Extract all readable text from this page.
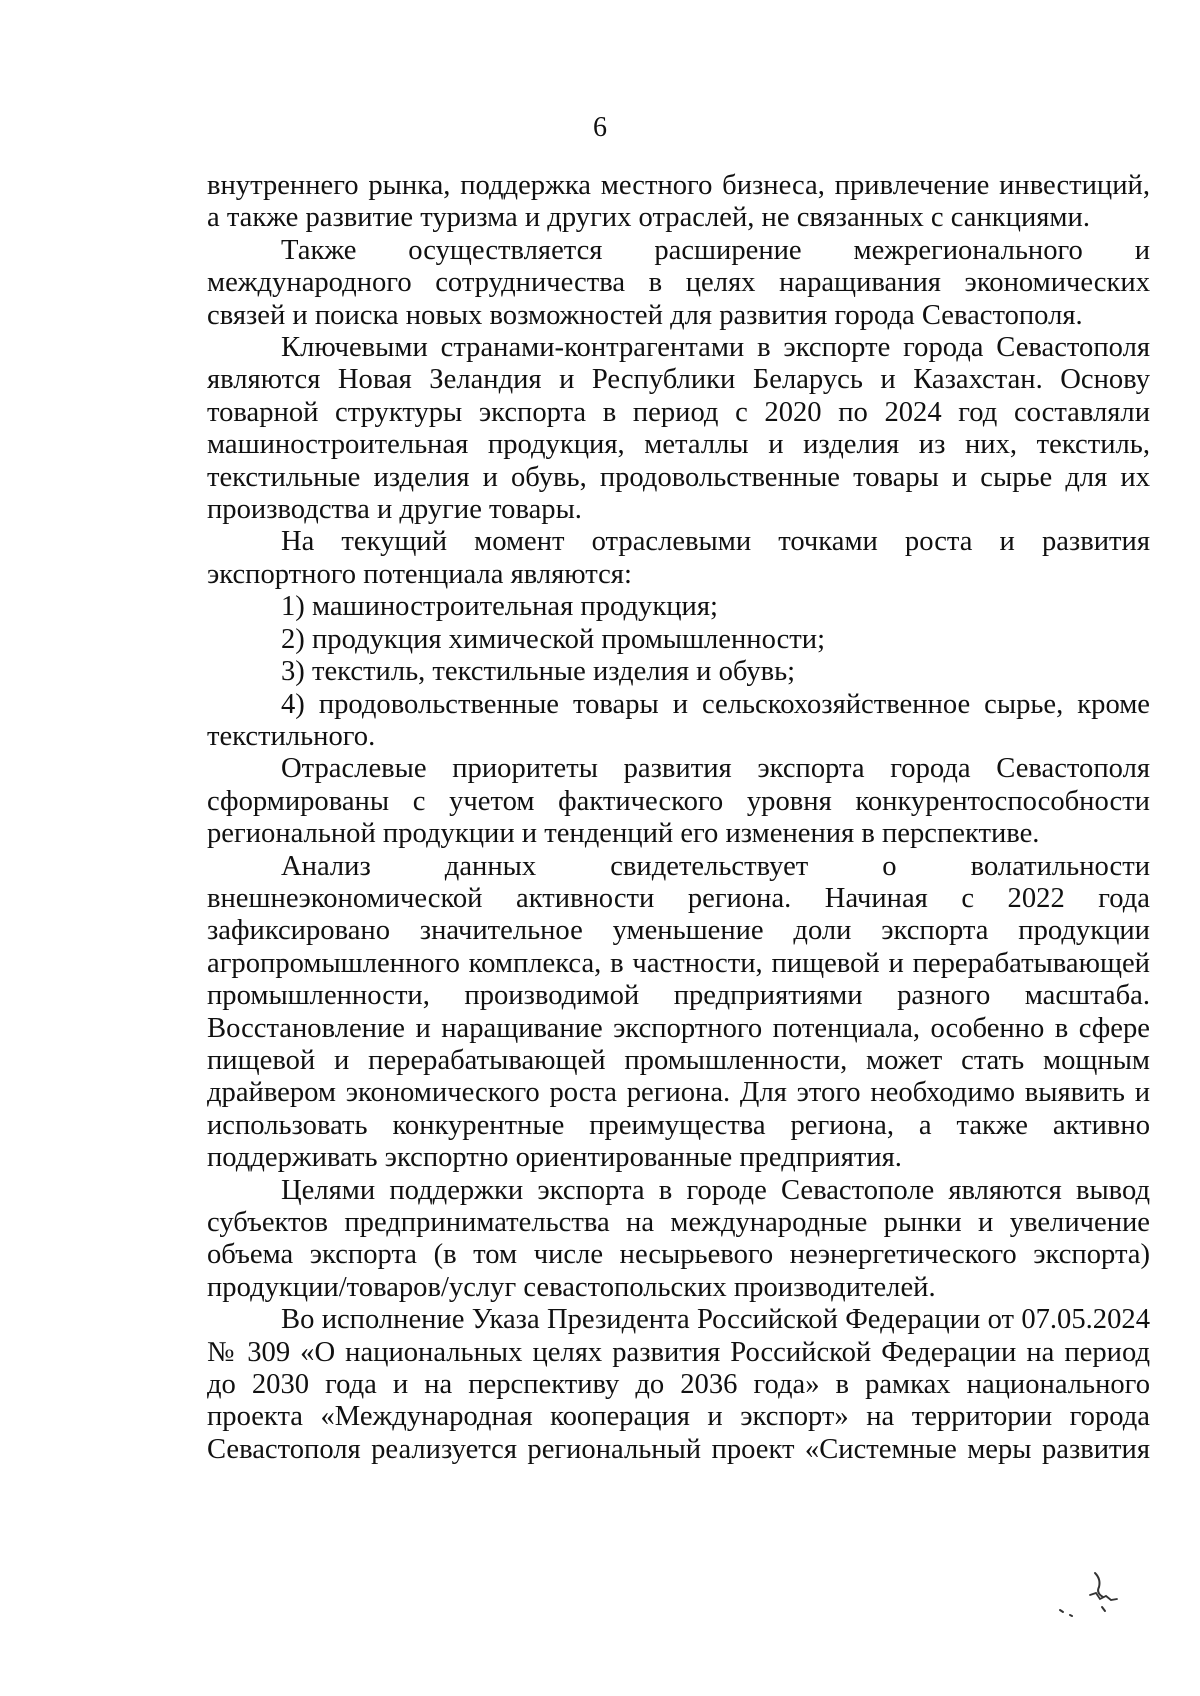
6

внутреннего рынка, поддержка местного бизнеса, привлечение инвестиций, а также развитие туризма и других отраслей, не связанных с санкциями.

Также осуществляется расширение межрегионального и международного сотрудничества в целях наращивания экономических связей и поиска новых возможностей для развития города Севастополя.

Ключевыми странами-контрагентами в экспорте города Севастополя являются Новая Зеландия и Республики Беларусь и Казахстан. Основу товарной структуры экспорта в период с 2020 по 2024 год составляли машиностроительная продукция, металлы и изделия из них, текстиль, текстильные изделия и обувь, продовольственные товары и сырье для их производства и другие товары.

На текущий момент отраслевыми точками роста и развития экспортного потенциала являются:

1) машиностроительная продукция;

2) продукция химической промышленности;

3) текстиль, текстильные изделия и обувь;

4) продовольственные товары и сельскохозяйственное сырье, кроме текстильного.

Отраслевые приоритеты развития экспорта города Севастополя сформированы с учетом фактического уровня конкурентоспособности региональной продукции и тенденций его изменения в перспективе.

Анализ данных свидетельствует о волатильности внешнеэкономической активности региона. Начиная с 2022 года зафиксировано значительное уменьшение доли экспорта продукции агропромышленного комплекса, в частности, пищевой и перерабатывающей промышленности, производимой предприятиями разного масштаба. Восстановление и наращивание экспортного потенциала, особенно в сфере пищевой и перерабатывающей промышленности, может стать мощным драйвером экономического роста региона. Для этого необходимо выявить и использовать конкурентные преимущества региона, а также активно поддерживать экспортно ориентированные предприятия.

Целями поддержки экспорта в городе Севастополе являются вывод субъектов предпринимательства на международные рынки и увеличение объема экспорта (в том числе несырьевого неэнергетического экспорта) продукции/товаров/услуг севастопольских производителей.

Во исполнение Указа Президента Российской Федерации от 07.05.2024 № 309 «О национальных целях развития Российской Федерации на период до 2030 года и на перспективу до 2036 года» в рамках национального проекта «Международная кооперация и экспорт» на территории города Севастополя реализуется региональный проект «Системные меры развития
